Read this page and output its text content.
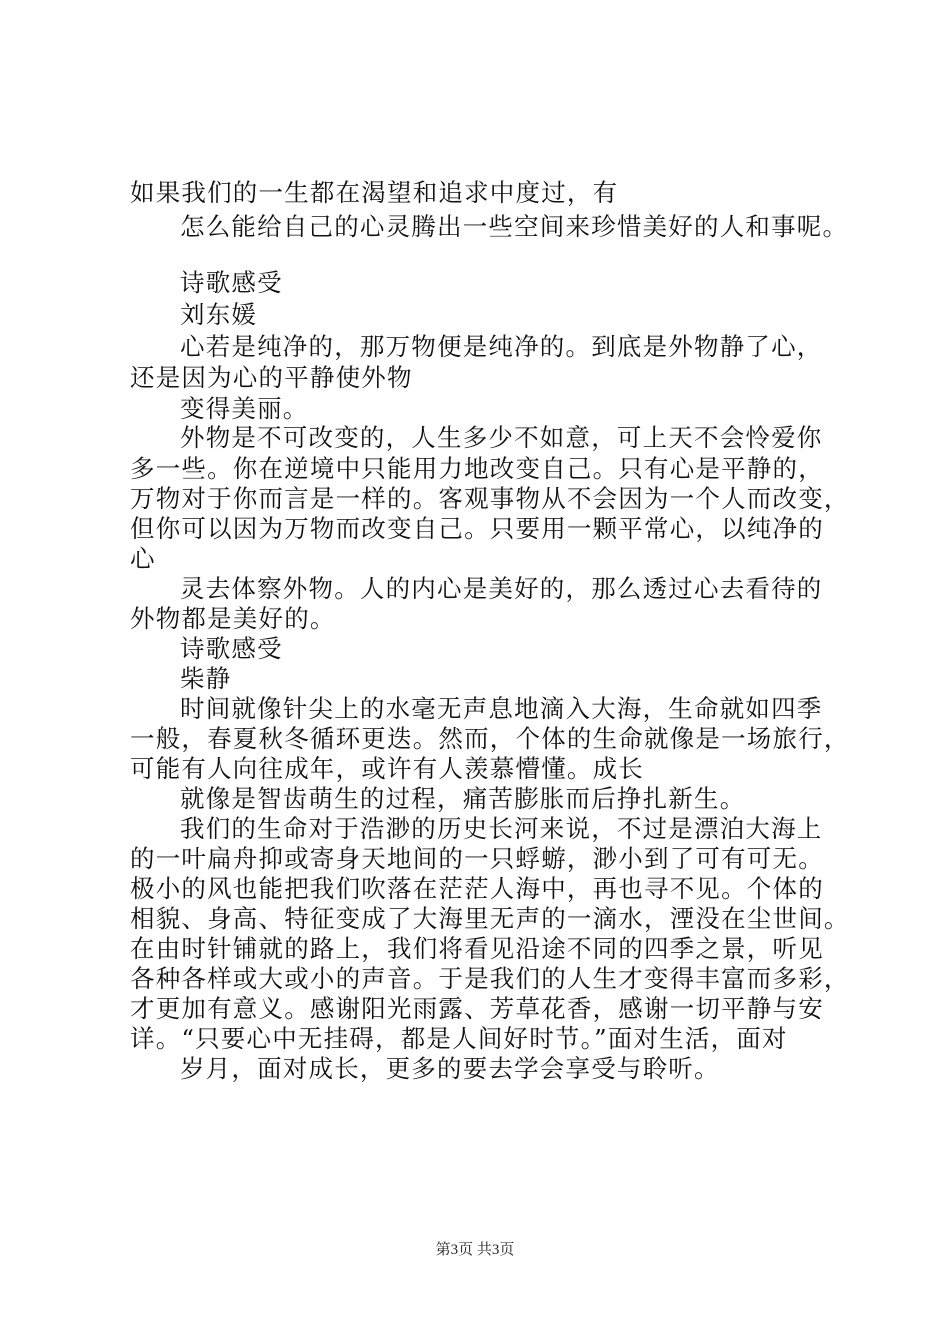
如果我们的一生都在渴望和追求中度过，有
怎么能给自己的心灵腾出一些空间来珍惜美好的人和事呢。
诗歌感受
刘东媛
心若是纯净的，那万物便是纯净的。到底是外物静了心，
还是因为心的平静使外物
变得美丽。
外物是不可改变的，人生多少不如意，可上天不会怜爱你
多一些。你在逆境中只能用力地改变自己。只有心是平静的，
万物对于你而言是一样的。客观事物从不会因为一个人而改变，
但你可以因为万物而改变自己。只要用一颗平常心，以纯净的
心
灵去体察外物。人的内心是美好的，那么透过心去看待的
外物都是美好的。
诗歌感受
柴静
时间就像针尖上的水毫无声息地滴入大海，生命就如四季
一般，春夏秋冬循环更迭。然而，个体的生命就像是一场旅行，
可能有人向往成年，或许有人羡慕懵懂。成长
就像是智齿萌生的过程，痛苦膨胀而后挣扎新生。
我们的生命对于浩渺的历史长河来说，不过是漂泊大海上
的一叶扁舟抑或寄身天地间的一只蜉蝣，渺小到了可有可无。
极小的风也能把我们吹落在茫茫人海中，再也寻不见。个体的
相貌、身高、特征变成了大海里无声的一滴水，湮没在尘世间。
在由时针铺就的路上，我们将看见沿途不同的四季之景，听见
各种各样或大或小的声音。于是我们的人生才变得丰富而多彩，
才更加有意义。感谢阳光雨露、芳草花香，感谢一切平静与安
详。“只要心中无挂碍，都是人间好时节。”面对生活，面对
岁月，面对成长，更多的要去学会享受与聆听。
第3页 共3页
